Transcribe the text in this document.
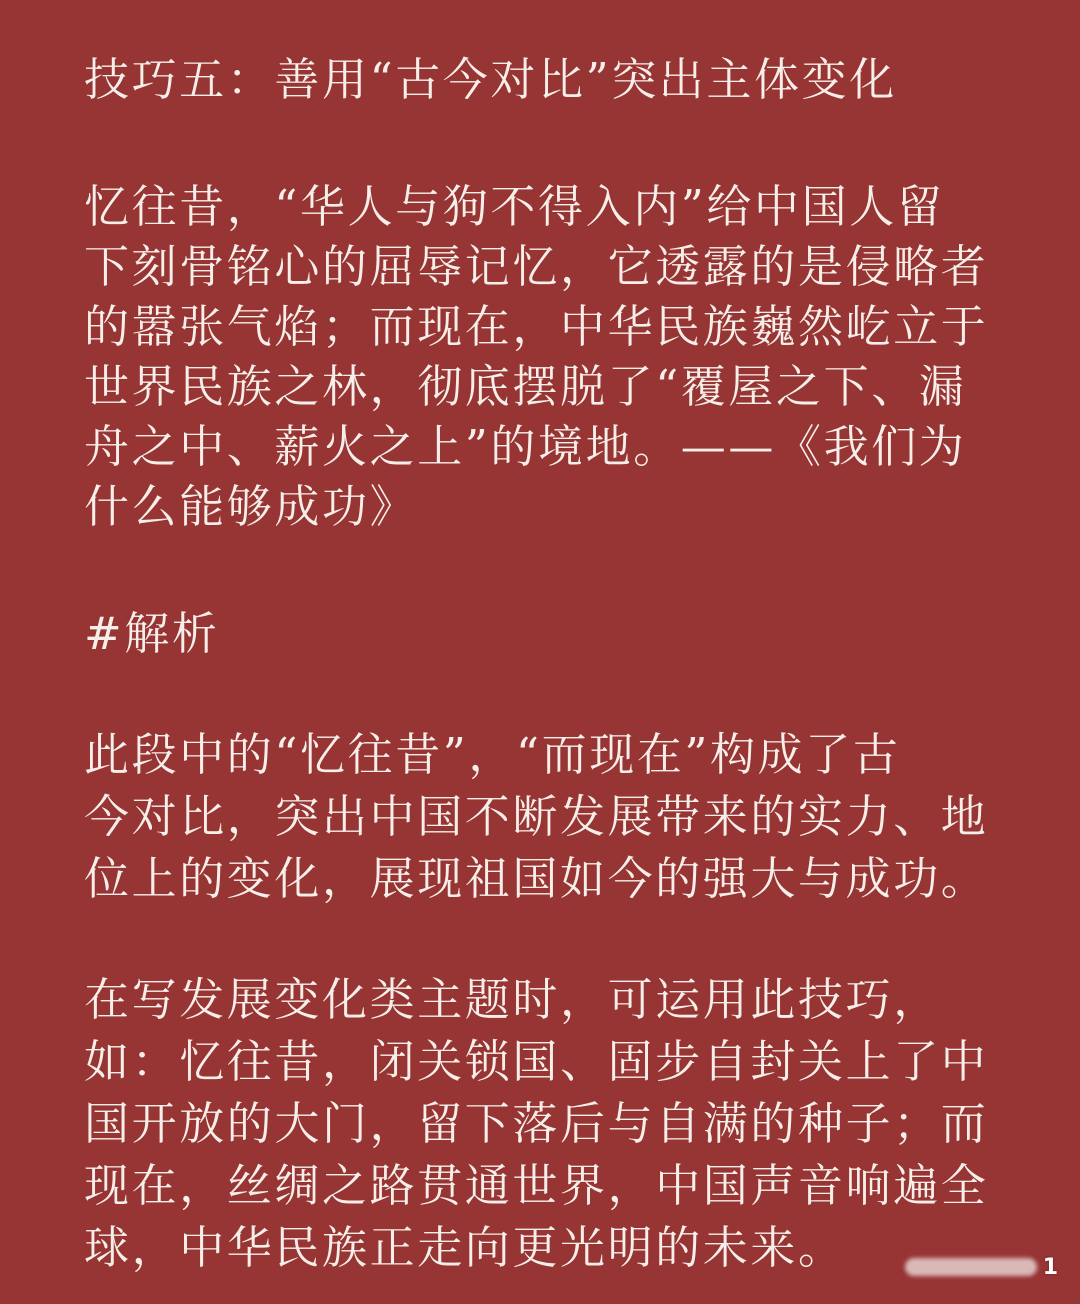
技巧五：善用“古今对比”突出主体变化
忆往昔，“华人与狗不得入内”给中国人留
下刻骨铭心的屈辱记忆，它透露的是侵略者
的嚣张气焰；而现在，中华民族巍然屹立于
世界民族之林，彻底摆脱了“覆屋之下、漏
舟之中、薪火之上”的境地。——《我们为
什么能够成功》
#解析
此段中的“忆往昔”，“而现在”构成了古
今对比，突出中国不断发展带来的实力、地
位上的变化，展现祖国如今的强大与成功。
在写发展变化类主题时，可运用此技巧，
如：忆往昔，闭关锁国、固步自封关上了中
国开放的大门，留下落后与自满的种子；而
现在，丝绸之路贯通世界，中国声音响遍全
球，中华民族正走向更光明的未来。	1
